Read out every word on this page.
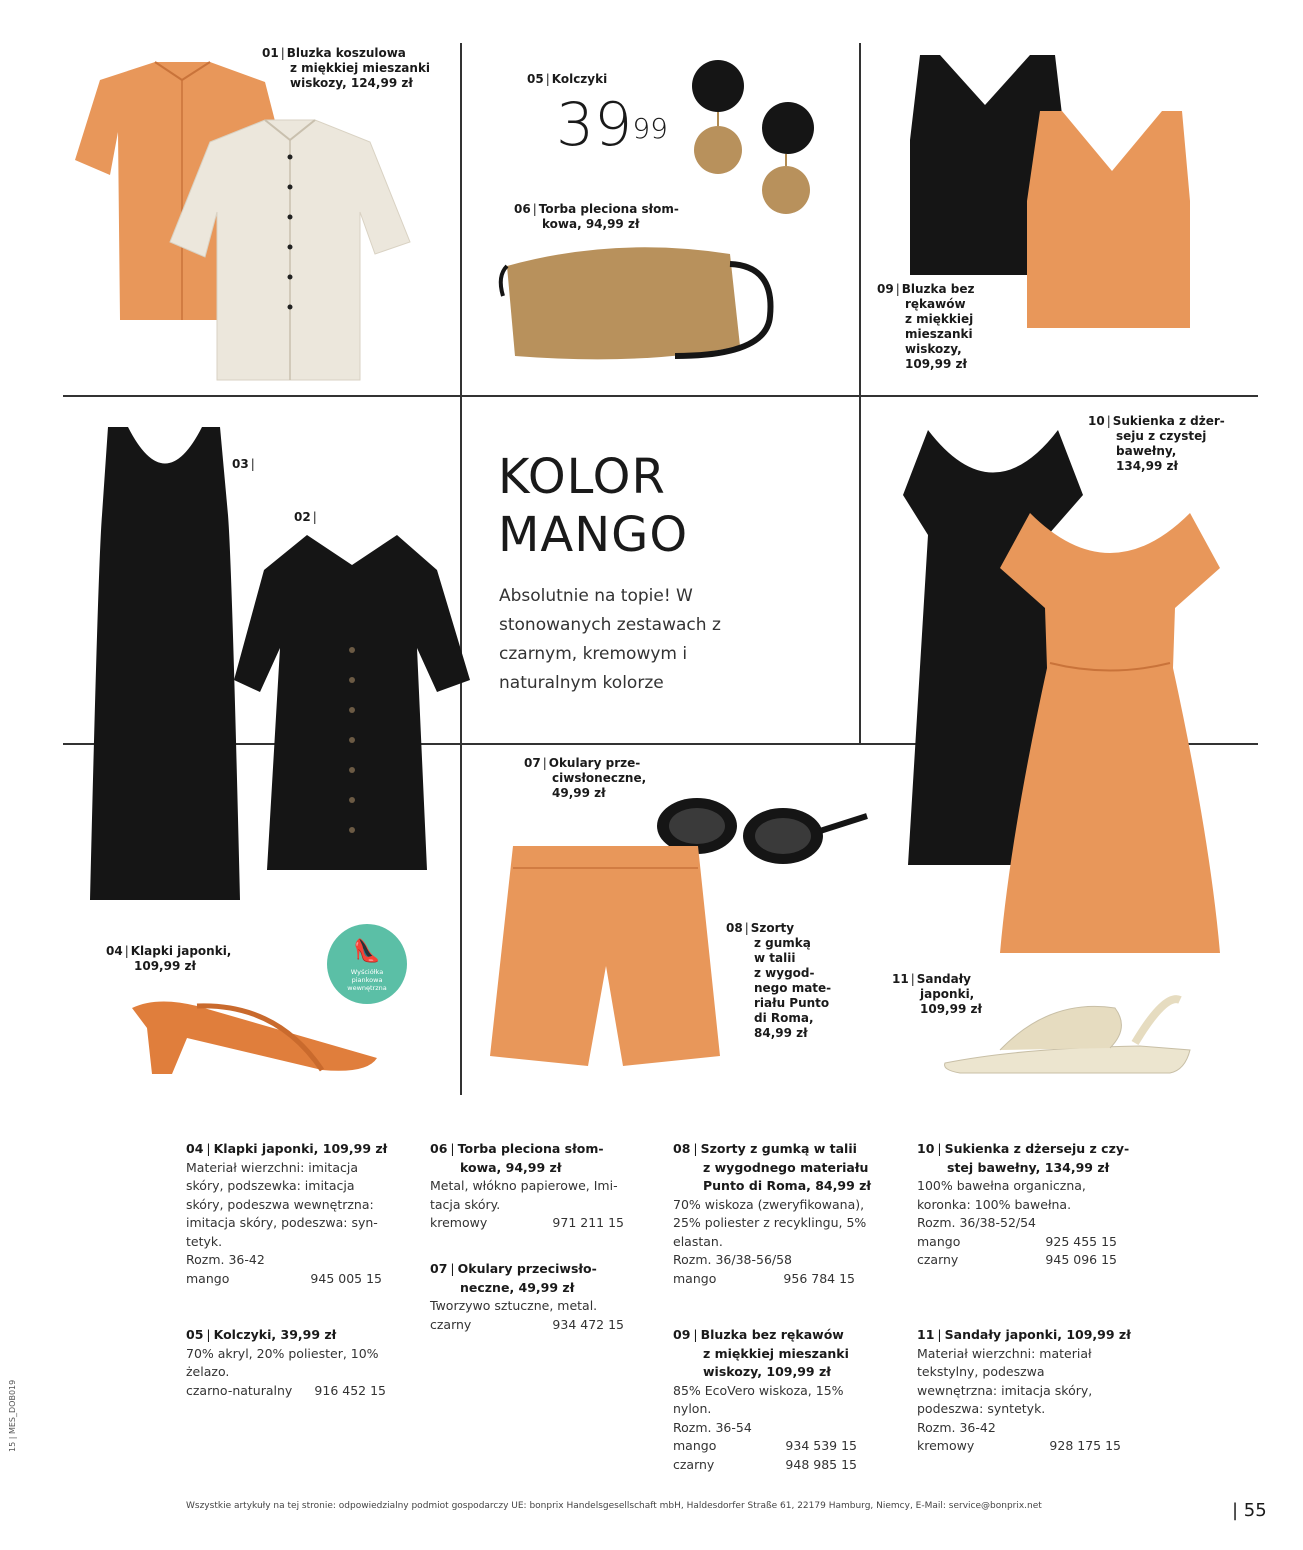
👠
Wyściółka
piankowa
wewnętrzna
KOLOR
MANGO
Absolutnie na topie! W stonowanych zestawach z czarnym, kremowym i naturalnym kolorze
$39^{99}$
01 | Bluzka koszulowa
z miękkiej mieszanki
wiskozy, 124,99 zł	05 | Kolczyki
06 | Torba pleciona słom-
kowa, 94,99 zł
09 | Bluzka bez
rękawów
z miękkiej
mieszanki
wiskozy,
109,99 zł
03 |
02 |
10 | Sukienka z dżer-
seju z czystej
bawełny,
134,99 zł
07 | Okulary prze-
ciwsłoneczne,
49,99 zł
04 | Klapki japonki,
109,99 zł
08 | Szorty
z gumką
w talii
z wygod-
nego mate-
riału Punto
di Roma,
84,99 zł
11 | Sandały
japonki,
109,99 zł
04 | Klapki japonki, 109,99 zł
Materiał wierzchni: imitacja
skóry, podszewka: imitacja
skóry, podeszwa wewnętrzna:
imitacja skóry, podeszwa: syn-
tetyk.
Rozm. 36-42
mango	945 005 15
05 | Kolczyki, 39,99 zł
70% akryl, 20% poliester, 10%
żelazo.
czarno-naturalny 916 452 15
06 | Torba pleciona słom-
kowa, 94,99 zł
Metal, włókno papierowe, Imi-
tacja skóry.
kremowy	971 211 15
07 | Okulary przeciwsło-
neczne, 49,99 zł
Tworzywo sztuczne, metal.
czarny	934 472 15
08 | Szorty z gumką w talii
z wygodnego materiału
Punto di Roma, 84,99 zł
70% wiskoza (zweryfikowana),
25% poliester z recyklingu, 5%
elastan.
Rozm. 36/38-56/58
mango	956 784 15
09 | Bluzka bez rękawów
z miękkiej mieszanki
wiskozy, 109,99 zł
85% EcoVero wiskoza, 15%
nylon.
Rozm. 36-54
mango	934 539 15
czarny	948 985 15
10 | Sukienka z dżerseju z czy-
stej bawełny, 134,99 zł
100% bawełna organiczna,
koronka: 100% bawełna.
Rozm. 36/38-52/54
mango	925 455 15
czarny	945 096 15
11 | Sandały japonki, 109,99 zł
Materiał wierzchni: materiał
tekstylny, podeszwa
wewnętrzna: imitacja skóry,
podeszwa: syntetyk.
Rozm. 36-42
kremowy	928 175 15
Wszystkie artykuły na tej stronie: odpowiedzialny podmiot gospodarczy UE: bonprix Handelsgesellschaft mbH, Haldesdorfer Straße 61, 22179 Hamburg, Niemcy, E-Mail: service@bonprix.net	| 55
15 | MES_DOB019
